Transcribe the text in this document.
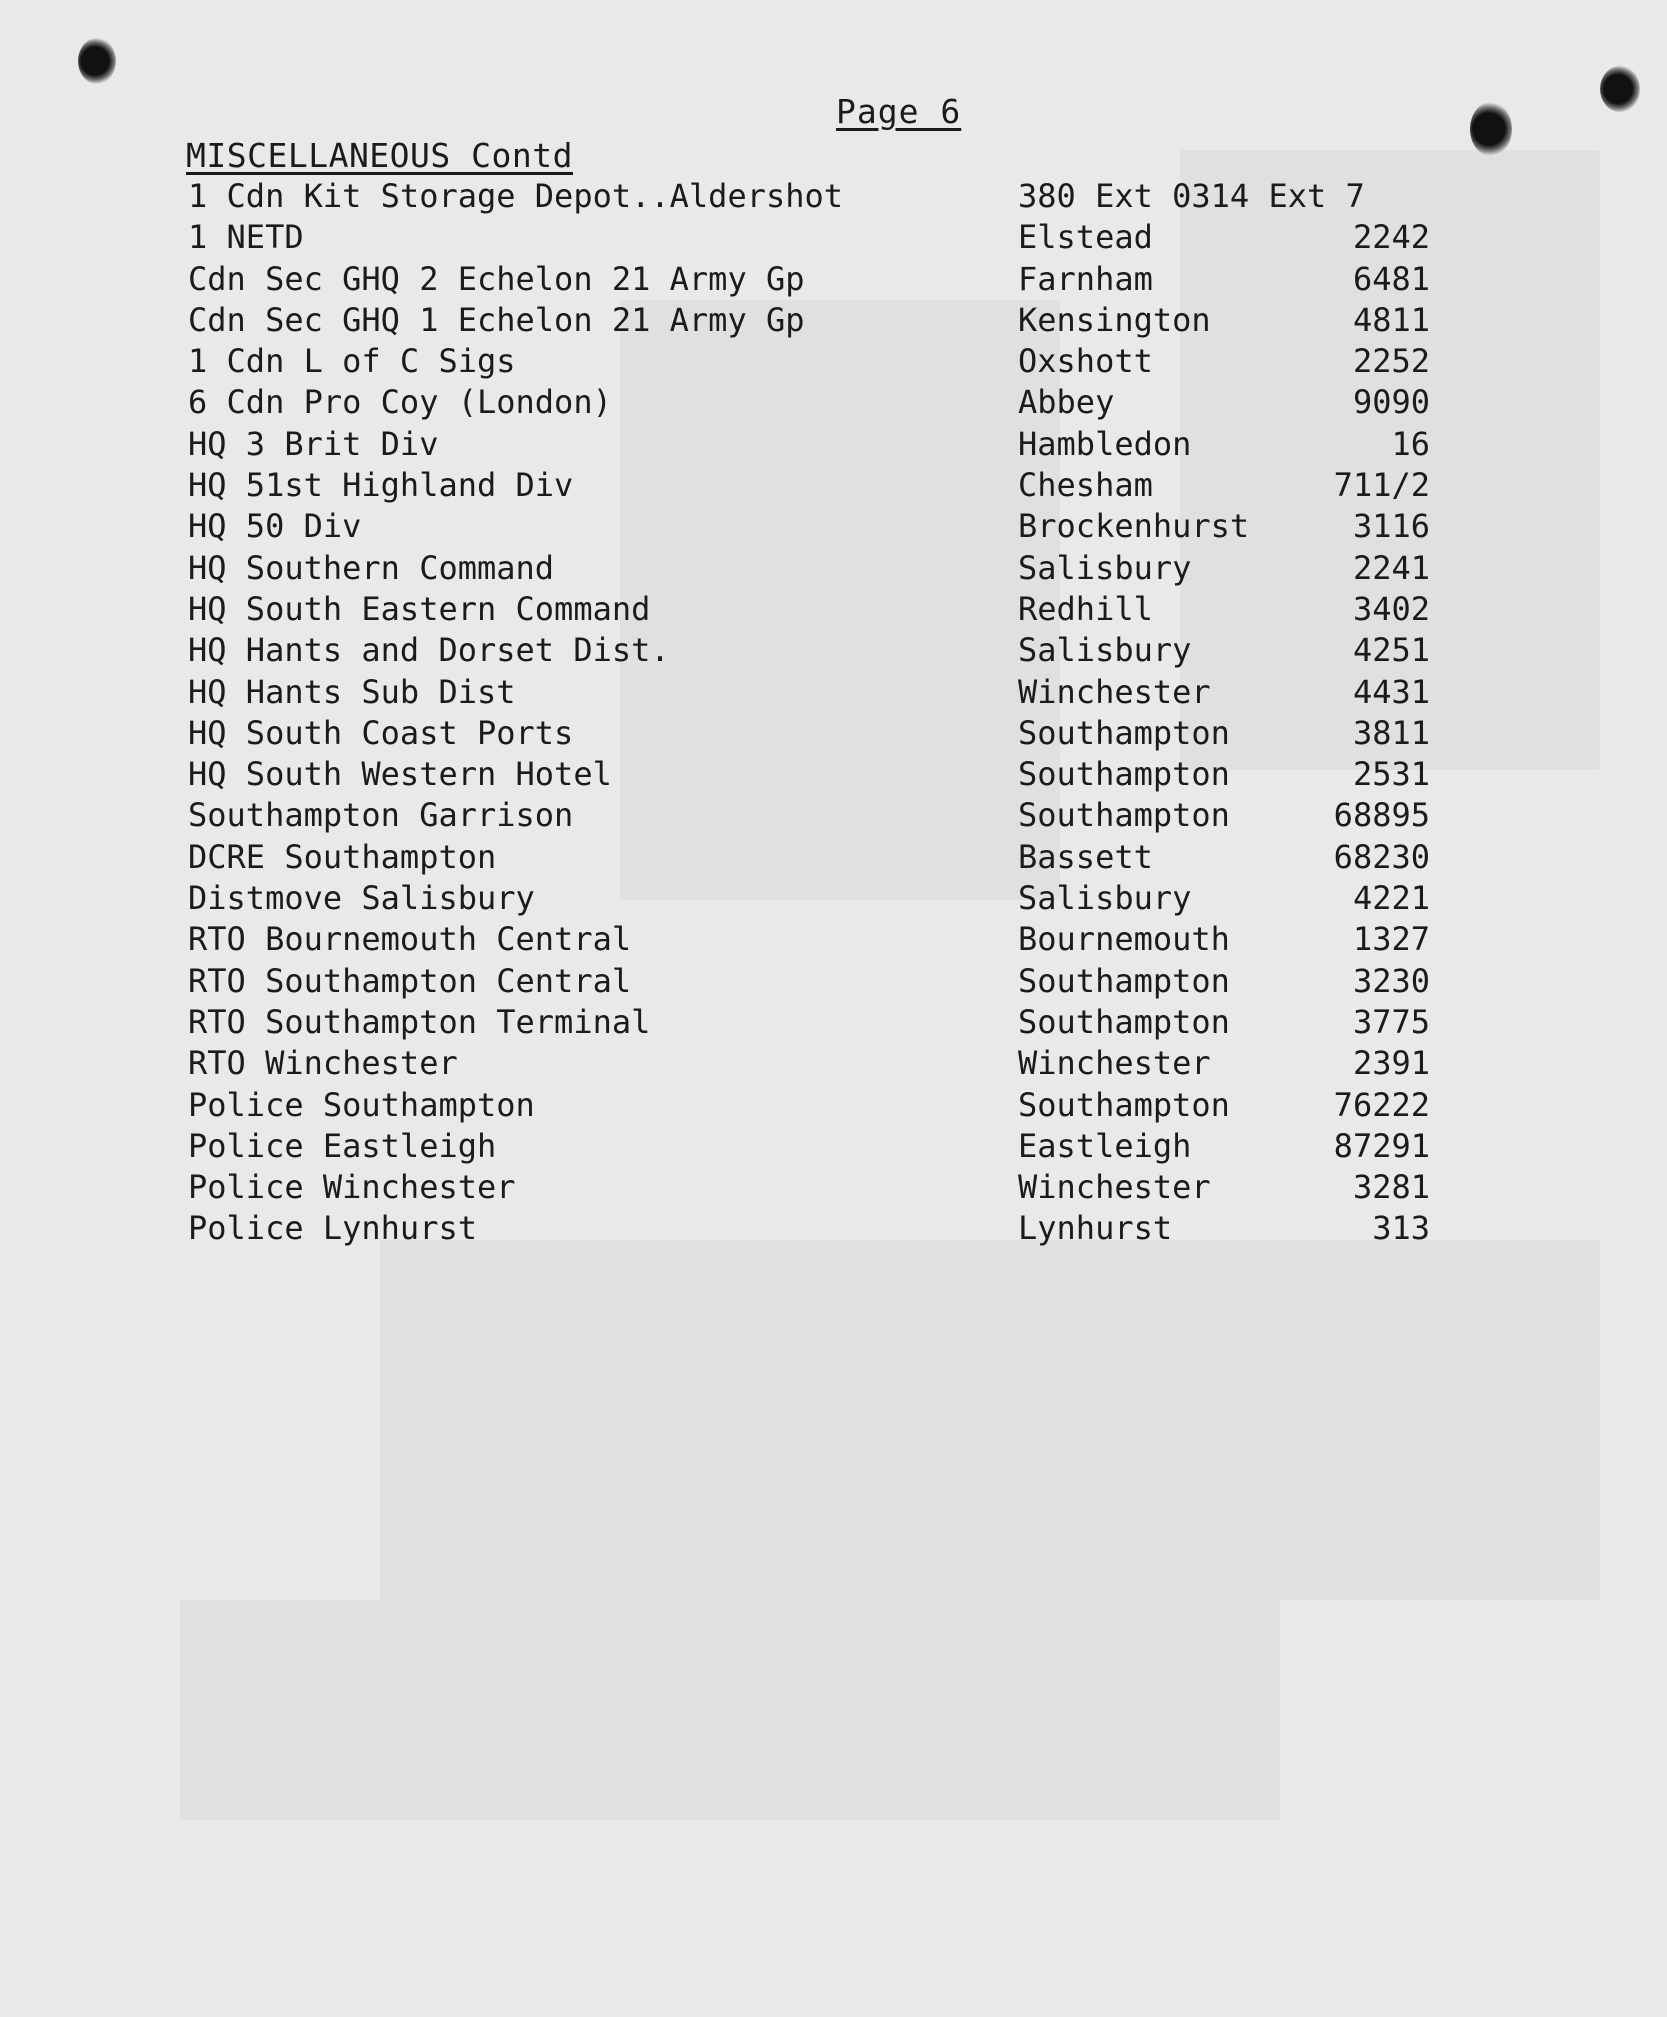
Page 6
MISCELLANEOUS Contd
1 Cdn Kit Storage Depot..Aldershot	380 Ext 0314 Ext 7
1 NETD	Elstead	2242
Cdn Sec GHQ 2 Echelon 21 Army Gp	Farnham	6481
Cdn Sec GHQ 1 Echelon 21 Army Gp	Kensington	4811
1 Cdn L of C Sigs	Oxshott	2252
6 Cdn Pro Coy (London)	Abbey	9090
HQ 3 Brit Div	Hambledon	16
HQ 51st Highland Div	Chesham	711/2
HQ 50 Div	Brockenhurst	3116
HQ Southern Command	Salisbury	2241
HQ South Eastern Command	Redhill	3402
HQ Hants and Dorset Dist.	Salisbury	4251
HQ Hants Sub Dist	Winchester	4431
HQ South Coast Ports	Southampton	3811
HQ South Western Hotel	Southampton	2531
Southampton Garrison	Southampton	68895
DCRE Southampton	Bassett	68230
Distmove Salisbury	Salisbury	4221
RTO Bournemouth Central	Bournemouth	1327
RTO Southampton Central	Southampton	3230
RTO Southampton Terminal	Southampton	3775
RTO Winchester	Winchester	2391
Police Southampton	Southampton	76222
Police Eastleigh	Eastleigh	87291
Police Winchester	Winchester	3281
Police Lynhurst	Lynhurst	313
